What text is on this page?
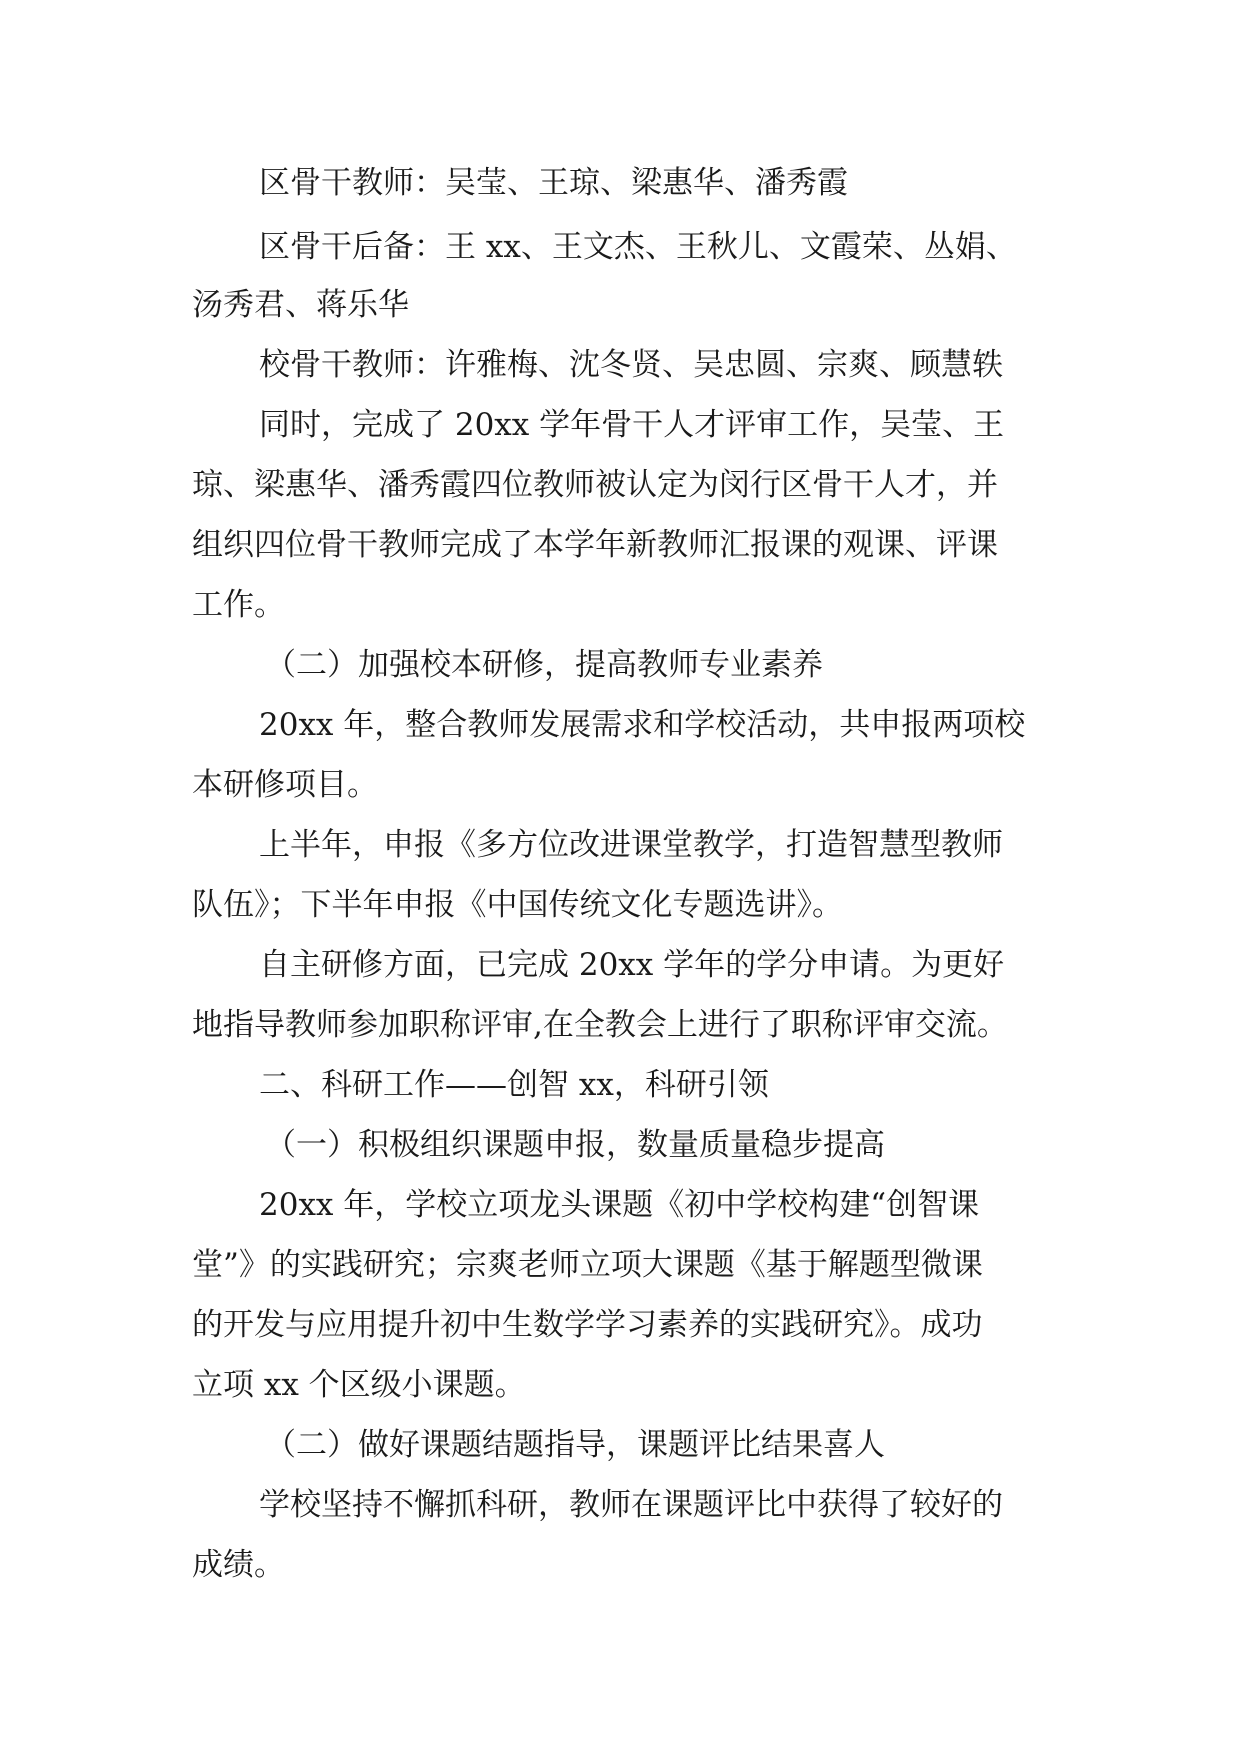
区骨干教师：吴莹、王琼、梁惠华、潘秀霞

区骨干后备：王 xx、王文杰、王秋儿、文霞荣、丛娟、

汤秀君、蒋乐华

校骨干教师：许雅梅、沈冬贤、吴忠圆、宗爽、顾慧轶

同时，完成了 20xx 学年骨干人才评审工作，吴莹、王

琼、梁惠华、潘秀霞四位教师被认定为闵行区骨干人才，并

组织四位骨干教师完成了本学年新教师汇报课的观课、评课

工作。

（二）加强校本研修，提高教师专业素养

20xx 年，整合教师发展需求和学校活动，共申报两项校

本研修项目。

上半年，申报《多方位改进课堂教学，打造智慧型教师

队伍》；下半年申报《中国传统文化专题选讲》。

自主研修方面，已完成 20xx 学年的学分申请。为更好

地指导教师参加职称评审,在全教会上进行了职称评审交流。

二、科研工作——创智 xx，科研引领

（一）积极组织课题申报，数量质量稳步提高

20xx 年，学校立项龙头课题《初中学校构建“创智课

堂”》的实践研究；宗爽老师立项大课题《基于解题型微课

的开发与应用提升初中生数学学习素养的实践研究》。成功

立项 xx 个区级小课题。

（二）做好课题结题指导，课题评比结果喜人

学校坚持不懈抓科研，教师在课题评比中获得了较好的

成绩。
